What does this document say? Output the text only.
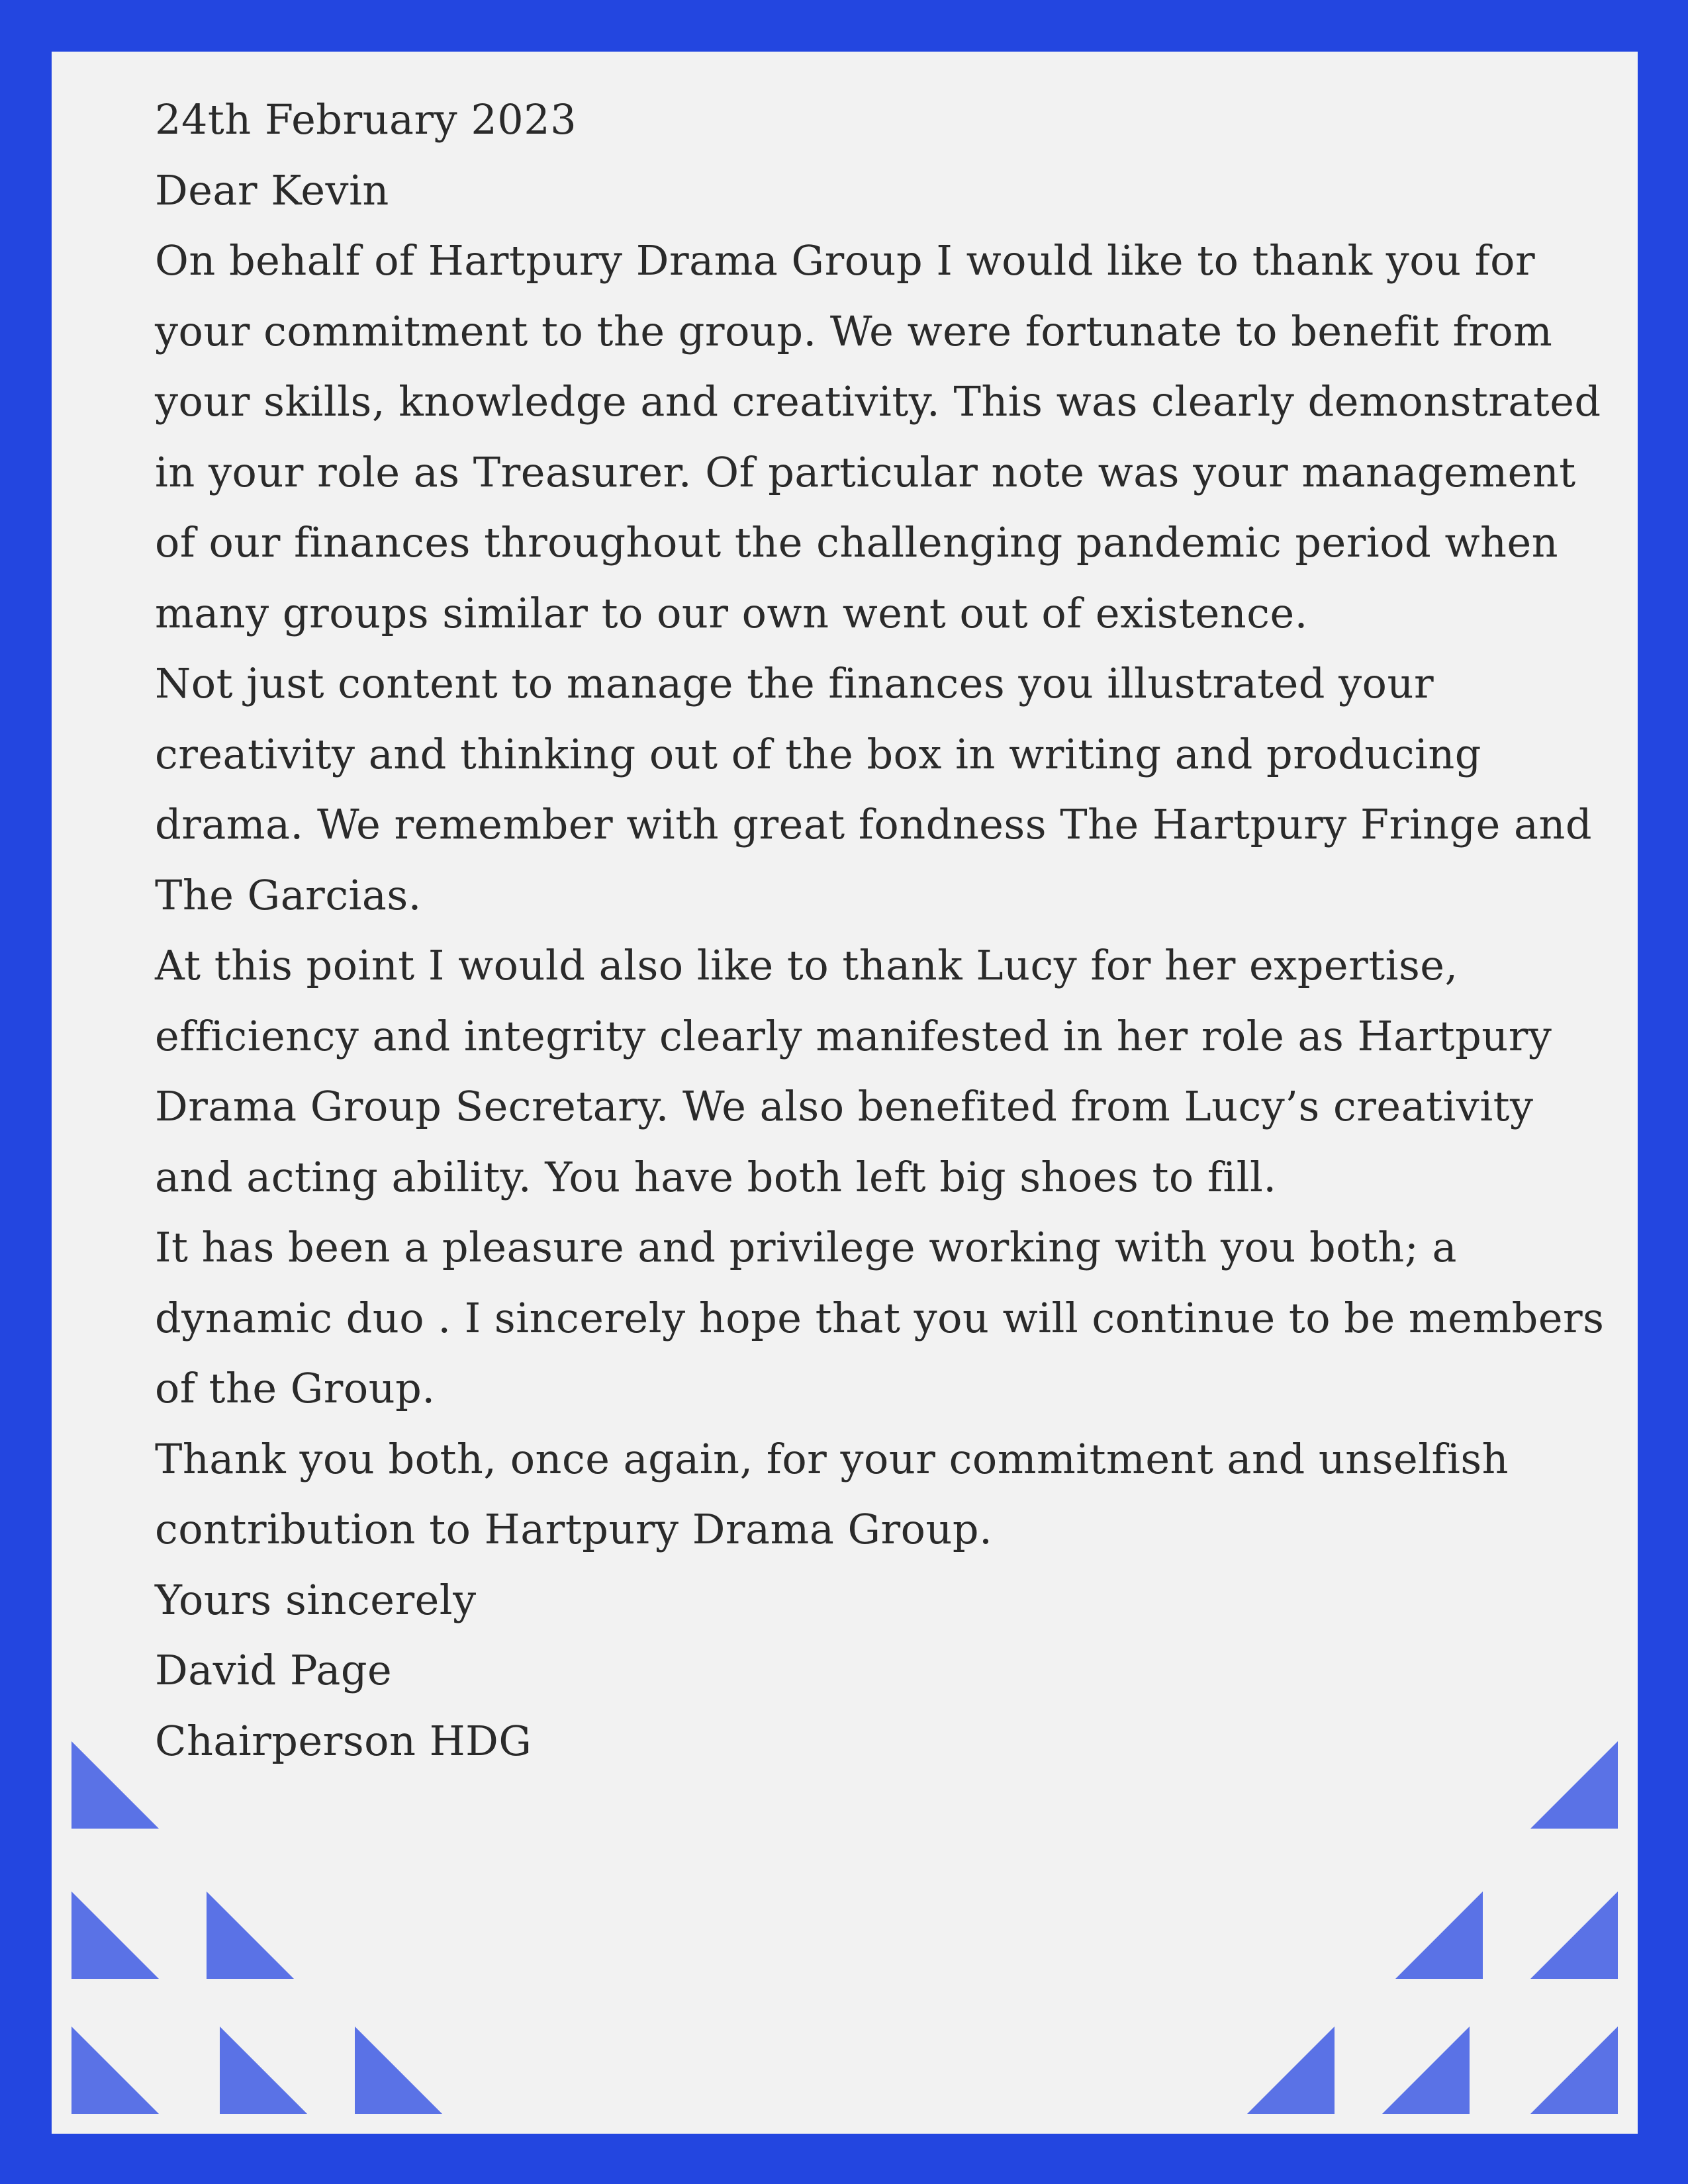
24th February 2023

Dear Kevin

On behalf of Hartpury Drama Group I would like to thank you for your commitment to the group. We were fortunate to benefit from your skills, knowledge and creativity. This was clearly demonstrated in your role as Treasurer. Of particular note was your management of our finances throughout the challenging pandemic period when many groups similar to our own went out of existence.

Not just content to manage the finances you illustrated your creativity and thinking out of the box in writing and producing drama. We remember with great fondness The Hartpury Fringe and The Garcias.

At this point I would also like to thank Lucy for her expertise, efficiency and integrity clearly manifested in her role as Hartpury Drama Group Secretary. We also benefited from Lucy’s creativity and acting ability. You have both left big shoes to fill.

It has been a pleasure and privilege working with you both; a dynamic duo . I sincerely hope that you will continue to be members of the Group.

Thank you both, once again, for your commitment and unselfish contribution to Hartpury Drama Group.

Yours sincerely

David Page

Chairperson HDG
